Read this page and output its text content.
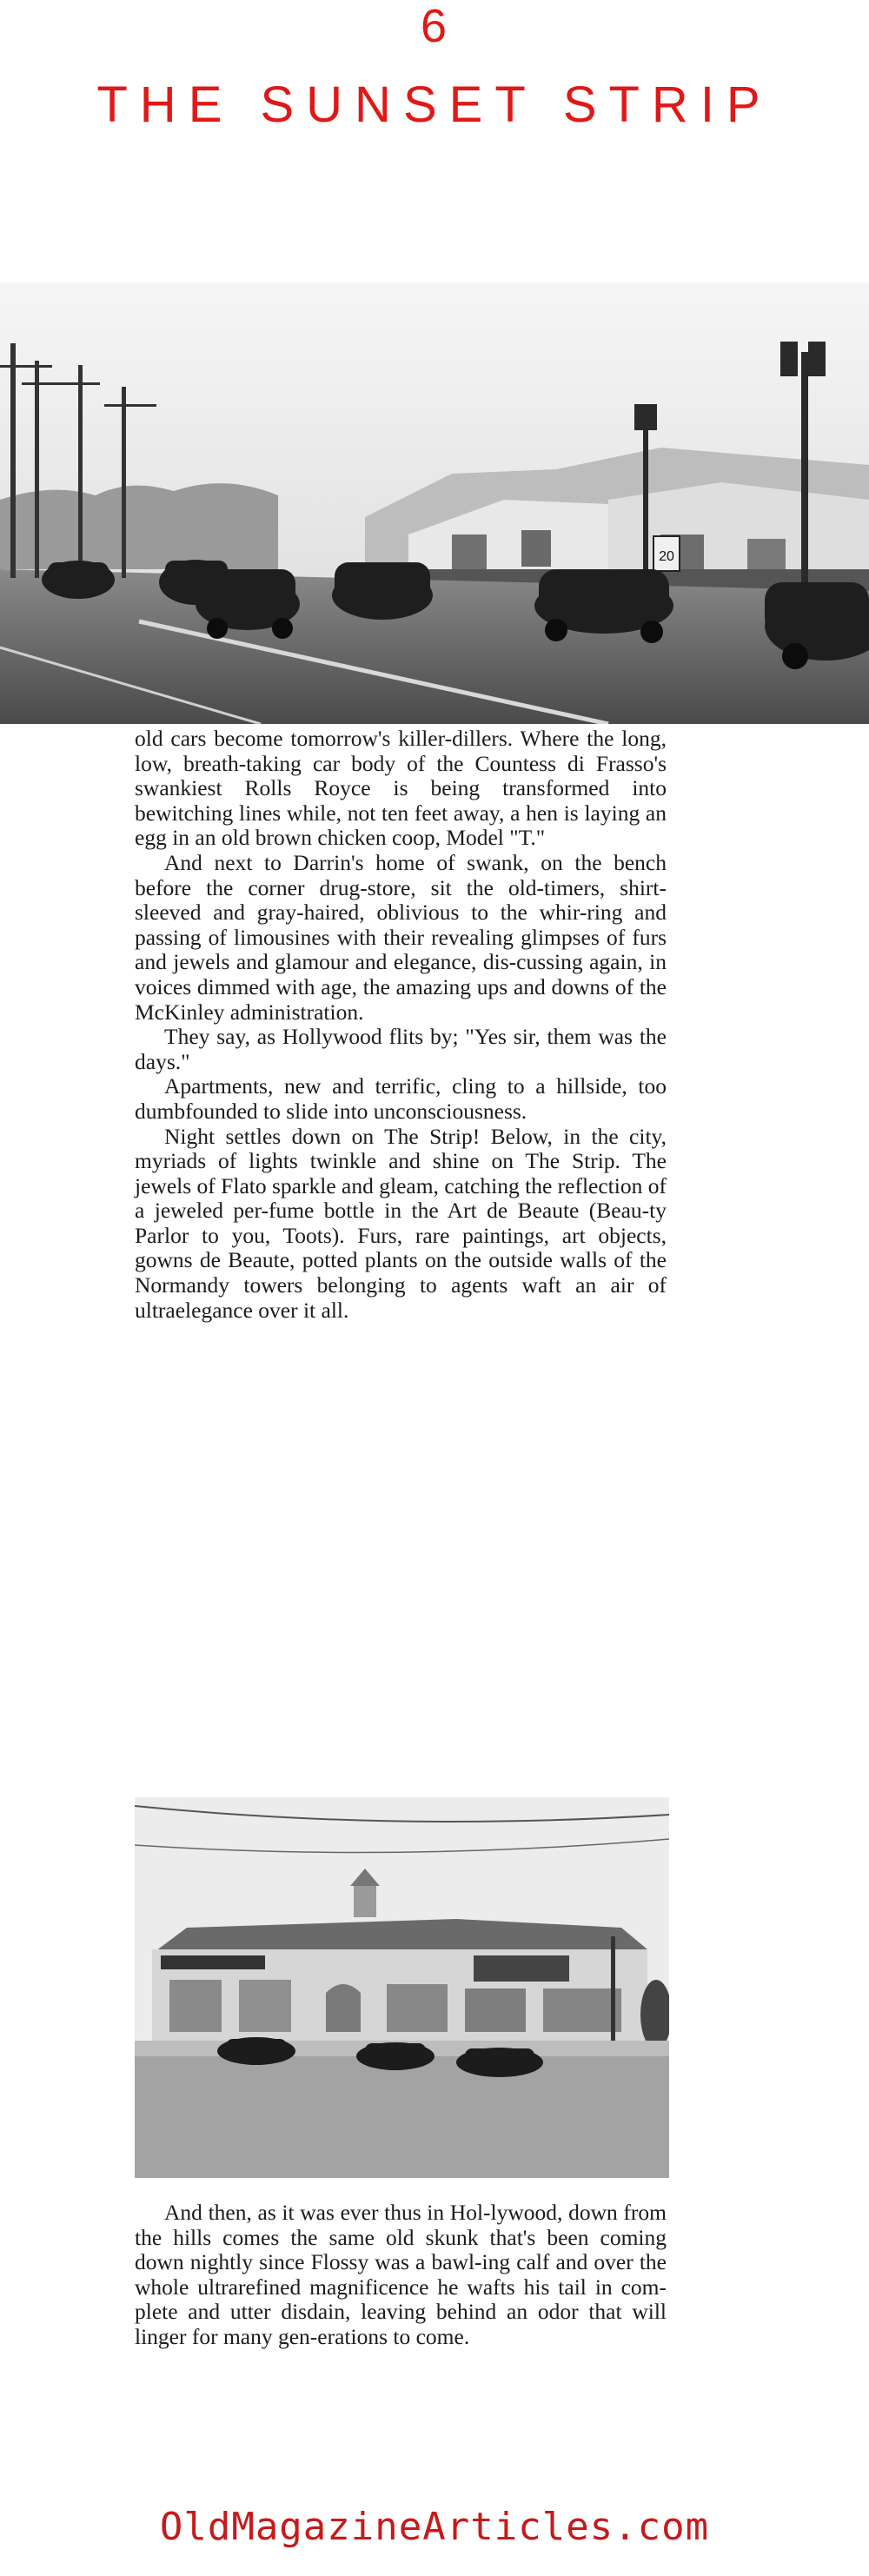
6
THE SUNSET STRIP
20

old cars become tomorrow's killer-dillers. Where the long, low, breath-taking car body of the Countess di Frasso's swankiest Rolls Royce is being transformed into bewitching lines while, not ten feet away, a hen is laying an egg in an old brown chicken coop, Model "T."

And next to Darrin's home of swank, on the bench before the corner drug-store, sit the old-timers, shirt-sleeved and gray-haired, oblivious to the whir-ring and passing of limousines with their revealing glimpses of furs and jewels and glamour and elegance, dis-cussing again, in voices dimmed with age, the amazing ups and downs of the McKinley administration.

They say, as Hollywood flits by; "Yes sir, them was the days."

Apartments, new and terrific, cling to a hillside, too dumbfounded to slide into unconsciousness.

Night settles down on The Strip! Below, in the city, myriads of lights twinkle and shine on The Strip. The jewels of Flato sparkle and gleam, catching the reflection of a jeweled per-fume bottle in the Art de Beaute (Beau-ty Parlor to you, Toots). Furs, rare paintings, art objects, gowns de Beaute, potted plants on the outside walls of the Normandy towers belonging to agents waft an air of ultraelegance over it all.

And then, as it was ever thus in Hol-lywood, down from the hills comes the same old skunk that's been coming down nightly since Flossy was a bawl-ing calf and over the whole ultrarefined magnificence he wafts his tail in com-plete and utter disdain, leaving behind an odor that will linger for many gen-erations to come.

OldMagazineArticles.com
